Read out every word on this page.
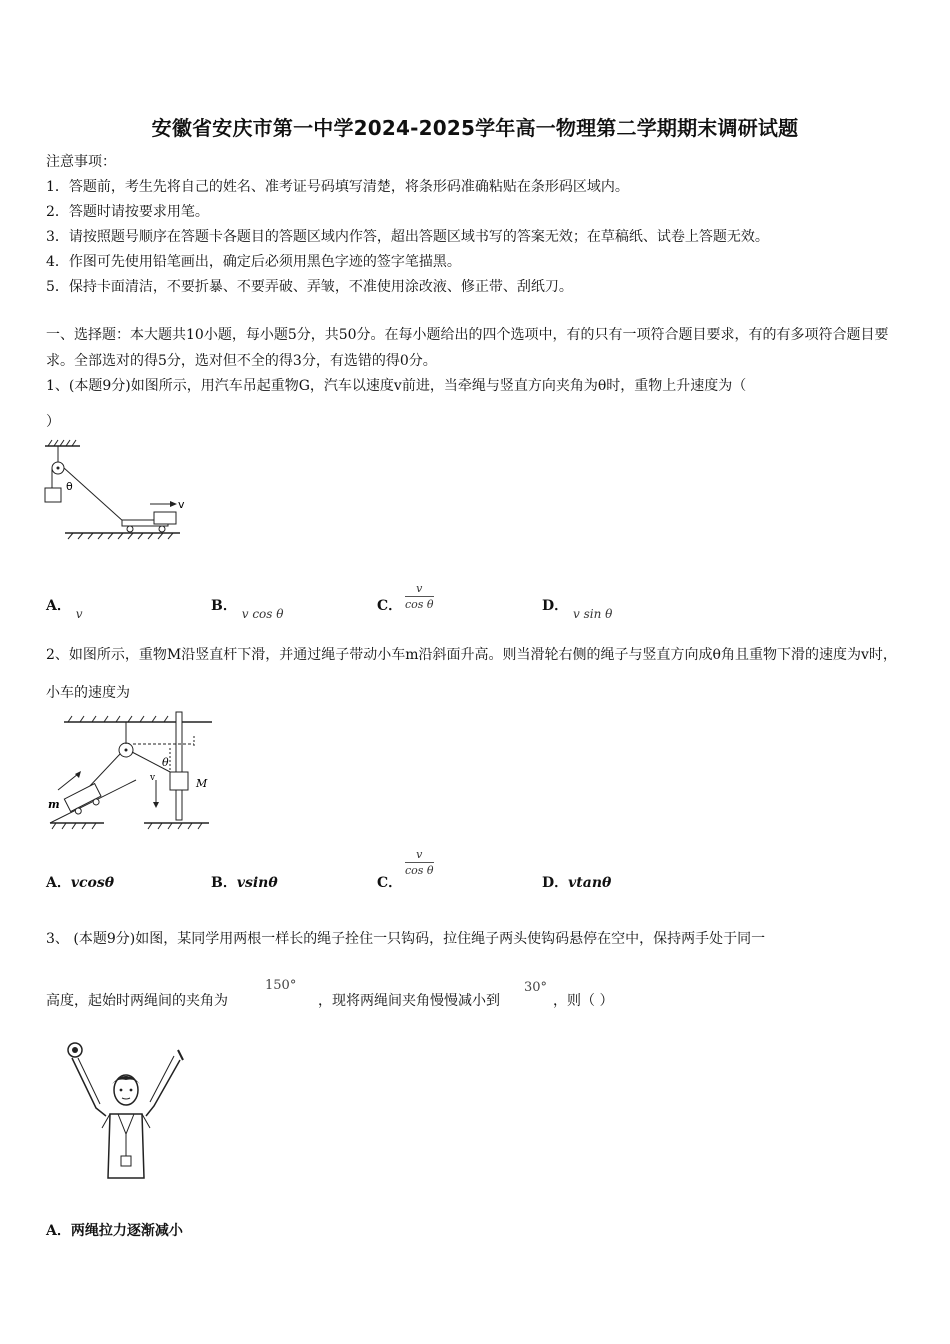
安徽省安庆市第一中学2024-2025学年高一物理第二学期期末调研试题
注意事项：
1．答题前，考生先将自己的姓名、准考证号码填写清楚，将条形码准确粘贴在条形码区域内。
2．答题时请按要求用笔。
3．请按照题号顺序在答题卡各题目的答题区域内作答，超出答题区域书写的答案无效；在草稿纸、试卷上答题无效。
4．作图可先使用铅笔画出，确定后必须用黑色字迹的签字笔描黑。
5．保持卡面清洁，不要折暴、不要弄破、弄皱，不准使用涂改液、修正带、刮纸刀。
一、选择题：本大题共10小题，每小题5分，共50分。在每小题给出的四个选项中，有的只有一项符合题目要求，有的有多项符合题目要求。全部选对的得5分，选对但不全的得3分，有选错的得0分。
1、(本题9分)如图所示，用汽车吊起重物G，汽车以速度v前进，当牵绳与竖直方向夹角为θ时，重物上升速度为（
）
θ
v
A． v	B． v cos θ	C． $\frac{v}{\text{cos θ}}$	D． v sin θ
2、如图所示，重物M沿竖直杆下滑，并通过绳子带动小车m沿斜面升高。则当滑轮右侧的绳子与竖直方向成θ角且重物下滑的速度为v时，小车的速度为
M
θ
v
m
A．vcosθ	B．vsinθ	C．
$\frac{v}{\text{cos θ}}$
D．vtanθ
3、 (本题9分)如图，某同学用两根一样长的绳子拴住一只钩码，拉住绳子两头使钩码悬停在空中，保持两手处于同一
高度，起始时两绳间的夹角为
150°
，现将两绳间夹角慢慢减小到
30°
，则（ ）
A．两绳拉力逐渐减小
